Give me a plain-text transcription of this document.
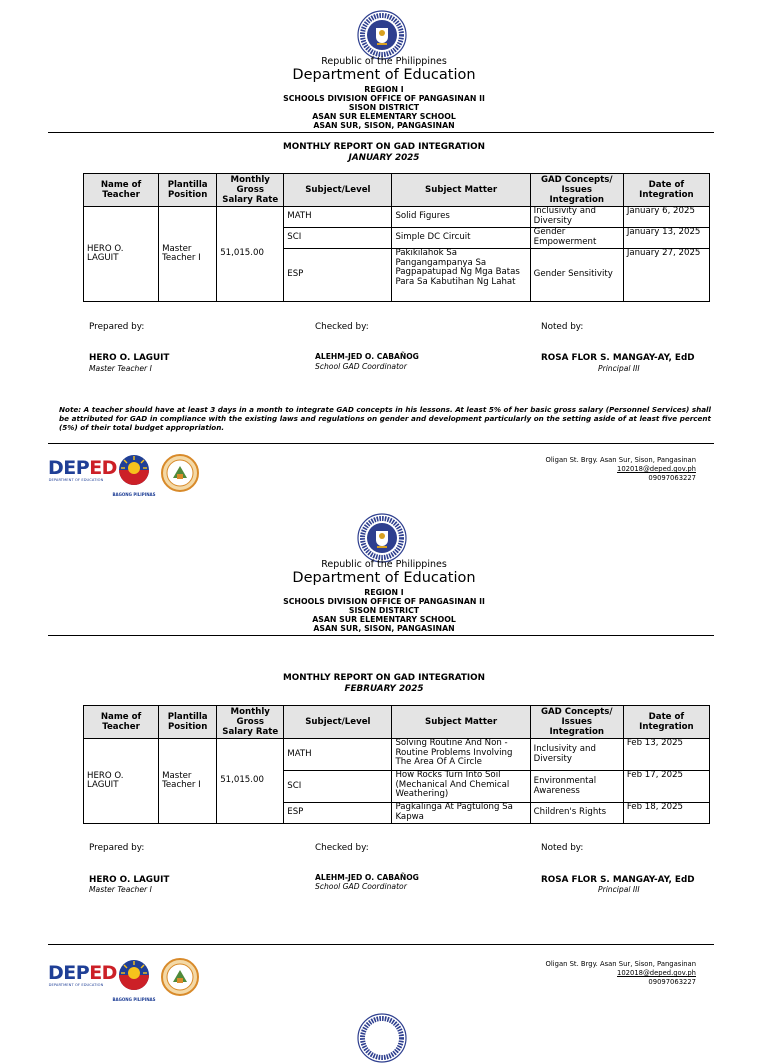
Republic of the Philippines
Department of Education
REGION I
SCHOOLS DIVISION OFFICE OF PANGASINAN II
SISON DISTRICT
ASAN SUR ELEMENTARY SCHOOL
ASAN SUR, SISON, PANGASINAN
MONTHLY REPORT ON GAD INTEGRATION
JANUARY 2025
Name of Teacher	Plantilla Position	Monthly Gross Salary Rate	Subject/Level	Subject Matter	GAD Concepts/ Issues Integration	Date of Integration
HERO O. LAGUIT	Master Teacher I	51,015.00	MATH	Solid Figures	Inclusivity and Diversity	January 6, 2025
			SCI	Simple DC Circuit	Gender Empowerment	January 13, 2025
			ESP	Pakikilahok Sa Pangangampanya Sa Pagpapatupad Ng Mga Batas Para Sa Kabutihan Ng Lahat	Gender Sensitivity	January 27, 2025
Prepared by:	Checked by:	Noted by:
HERO O. LAGUIT
Master Teacher I
ALEHM-JED O. CABAÑOG
School GAD Coordinator
ROSA FLOR S. MANGAY-AY, EdD
Principal III
Note: A teacher should have at least 3 days in a month to integrate GAD concepts in his lessons. At least 5% of her basic gross salary (Personnel Services) shall be attributed for GAD in compliance with the existing laws and regulations on gender and development particularly on the setting aside of at least five percent (5%) of their total budget appropriation.
DEPED
DEPARTMENT OF EDUCATION
BAGONG PILIPINAS
Oligan St. Brgy. Asan Sur, Sison, Pangasinan
102018@deped.gov.ph
09097063227
Republic of the Philippines
Department of Education
REGION I
SCHOOLS DIVISION OFFICE OF PANGASINAN II
SISON DISTRICT
ASAN SUR ELEMENTARY SCHOOL
ASAN SUR, SISON, PANGASINAN
MONTHLY REPORT ON GAD INTEGRATION
FEBRUARY 2025
Name of Teacher	Plantilla Position	Monthly Gross Salary Rate	Subject/Level	Subject Matter	GAD Concepts/ Issues Integration	Date of Integration
HERO O. LAGUIT	Master Teacher I	51,015.00	MATH	Solving Routine And Non - Routine Problems Involving The Area Of A Circle	Inclusivity and Diversity	Feb 13, 2025
			SCI	How Rocks Turn Into Soil (Mechanical And Chemical Weathering)	Environmental Awareness	Feb 17, 2025
			ESP	Pagkalinga At Pagtulong Sa Kapwa	Children's Rights	Feb 18, 2025
Prepared by:	Checked by:	Noted by:
HERO O. LAGUIT
Master Teacher I
ALEHM-JED O. CABAÑOG
School GAD Coordinator
ROSA FLOR S. MANGAY-AY, EdD
Principal III
DEPED
DEPARTMENT OF EDUCATION
BAGONG PILIPINAS
Oligan St. Brgy. Asan Sur, Sison, Pangasinan
102018@deped.gov.ph
09097063227
